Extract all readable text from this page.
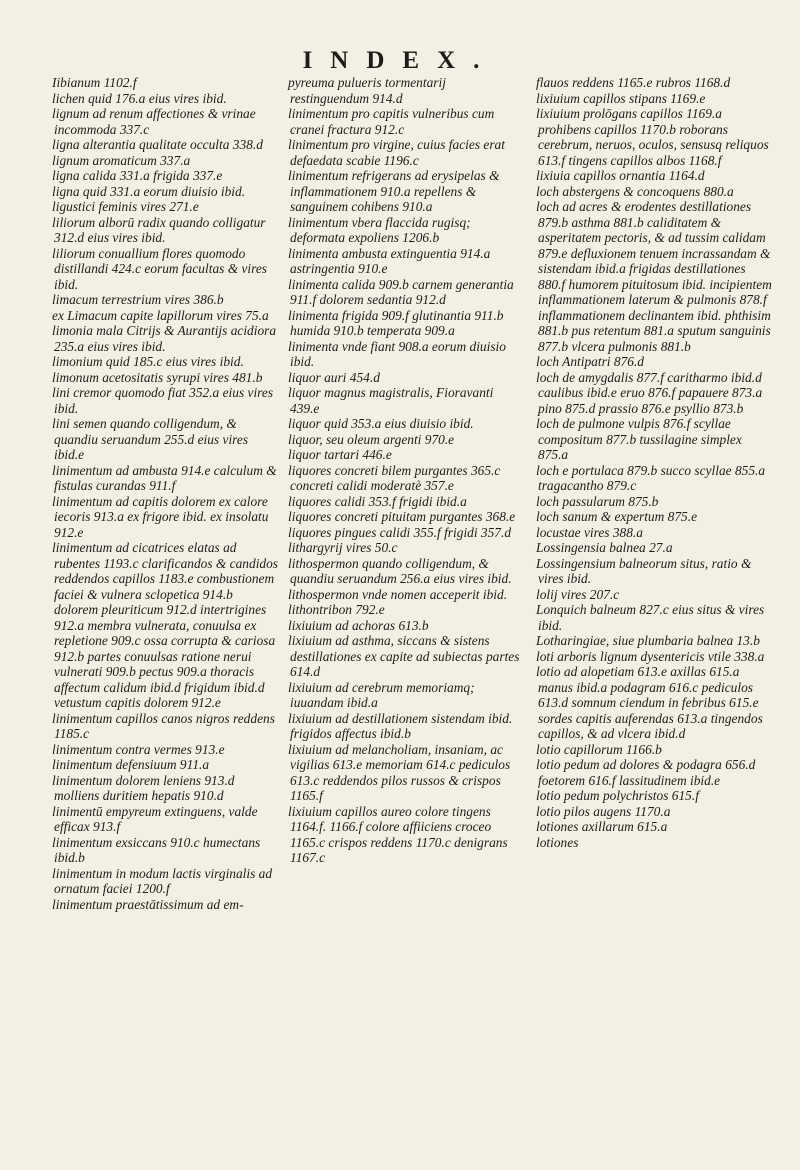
INDEX.

Iibianum 1102.f

lichen quid 176.a eius vires ibid.

lignum ad renum affectiones & vrinae incommoda 337.c

ligna alterantia qualitate occulta 338.d

lignum aromaticum 337.a

ligna calida 331.a frigida 337.e

ligna quid 331.a eorum diuisio ibid.

ligustici feminis vires 271.e

liliorum alborū radix quando colligatur 312.d eius vires ibid.

liliorum conuallium flores quomodo distillandi 424.c eorum facultas & vires ibid.

limacum terrestrium vires 386.b

ex Limacum capite lapillorum vires 75.a

limonia mala Citrijs & Aurantijs acidiora 235.a eius vires ibid.

limonium quid 185.c eius vires ibid.

limonum acetositatis syrupi vires 481.b

lini cremor quomodo fiat 352.a eius vires ibid.

lini semen quando colligendum, & quandiu seruandum 255.d eius vires ibid.e

linimentum ad ambusta 914.e calculum & fistulas curandas 911.f

linimentum ad capitis dolorem ex calore iecoris 913.a ex frigore ibid. ex insolatu 912.e

linimentum ad cicatrices elatas ad rubentes 1193.c clarificandos & candidos reddendos capillos 1183.e combustionem faciei & vulnera sclopetica 914.b dolorem pleuriticum 912.d intertrigines 912.a membra vulnerata, conuulsa ex repletione 909.c ossa corrupta & cariosa 912.b partes conuulsas ratione nerui vulnerati 909.b pectus 909.a thoracis affectum calidum ibid.d frigidum ibid.d vetustum capitis dolorem 912.e

linimentum capillos canos nigros reddens 1185.c

linimentum contra vermes 913.e

linimentum defensiuum 911.a

linimentum dolorem leniens 913.d molliens duritiem hepatis 910.d

linimentū empyreum extinguens, valde efficax 913.f

linimentum exsiccans 910.c humectans ibid.b

linimentum in modum lactis virginalis ad ornatum faciei 1200.f

linimentum praestātissimum ad em-

pyreuma pulueris tormentarij restinguendum 914.d

linimentum pro capitis vulneribus cum cranei fractura 912.c

linimentum pro virgine, cuius facies erat defaedata scabie 1196.c

linimentum refrigerans ad erysipelas & inflammationem 910.a repellens & sanguinem cohibens 910.a

linimentum vbera flaccida rugisq; deformata expoliens 1206.b

linimenta ambusta extinguentia 914.a astringentia 910.e

linimenta calida 909.b carnem generantia 911.f dolorem sedantia 912.d

linimenta frigida 909.f glutinantia 911.b humida 910.b temperata 909.a

linimenta vnde fiant 908.a eorum diuisio ibid.

liquor auri 454.d

liquor magnus magistralis, Fioravanti 439.e

liquor quid 353.a eius diuisio ibid.

liquor, seu oleum argenti 970.e

liquor tartari 446.e

liquores concreti bilem purgantes 365.c concreti calidi moderatè 357.e

liquores calidi 353.f frigidi ibid.a

liquores concreti pituitam purgantes 368.e

liquores pingues calidi 355.f frigidi 357.d

lithargyrij vires 50.c

lithospermon quando colligendum, & quandiu seruandum 256.a eius vires ibid.

lithospermon vnde nomen acceperit ibid.

lithontribon 792.e

lixiuium ad achoras 613.b

lixiuium ad asthma, siccans & sistens destillationes ex capite ad subiectas partes 614.d

lixiuium ad cerebrum memoriamq; iuuandam ibid.a

lixiuium ad destillationem sistendam ibid. frigidos affectus ibid.b

lixiuium ad melancholiam, insaniam, ac vigilias 613.e memoriam 614.c pediculos 613.c reddendos pilos russos & crispos 1165.f

lixiuium capillos aureo colore tingens 1164.f. 1166.f colore affiiciens croceo 1165.c crispos reddens 1170.c denigrans 1167.c

flauos reddens 1165.e rubros 1168.d

lixiuium capillos stipans 1169.e

lixiuium prolōgans capillos 1169.a prohibens capillos 1170.b roborans cerebrum, neruos, oculos, sensusq reliquos 613.f tingens capillos albos 1168.f

lixiuia capillos ornantia 1164.d

loch abstergens & concoquens 880.a

loch ad acres & erodentes destillationes 879.b asthma 881.b caliditatem & asperitatem pectoris, & ad tussim calidam 879.e defluxionem tenuem incrassandam & sistendam ibid.a frigidas destillationes 880.f humorem pituitosum ibid. incipientem inflammationem laterum & pulmonis 878.f inflammationem declinantem ibid. phthisim 881.b pus retentum 881.a sputum sanguinis 877.b vlcera pulmonis 881.b

loch Antipatri 876.d

loch de amygdalis 877.f caritharmo ibid.d caulibus ibid.e eruo 876.f papauere 873.a pino 875.d prassio 876.e psyllio 873.b

loch de pulmone vulpis 876.f scyllae compositum 877.b tussilagine simplex 875.a

loch e portulaca 879.b succo scyllae 855.a tragacantho 879.c

loch passularum 875.b

loch sanum & expertum 875.e

locustae vires 388.a

Lossingensia balnea 27.a

Lossingensium balneorum situs, ratio & vires ibid.

lolij vires 207.c

Lonquich balneum 827.c eius situs & vires ibid.

Lotharingiae, siue plumbaria balnea 13.b

loti arboris lignum dysentericis vtile 338.a

lotio ad alopetiam 613.e axillas 615.a manus ibid.a podagram 616.c pediculos 613.d somnum ciendum in febribus 615.e sordes capitis auferendas 613.a tingendos capillos, & ad vlcera ibid.d

lotio capillorum 1166.b

lotio pedum ad dolores & podagra 656.d foetorem 616.f lassitudinem ibid.e

lotio pedum polychristos 615.f

lotio pilos augens 1170.a

lotiones axillarum 615.a

lotiones
